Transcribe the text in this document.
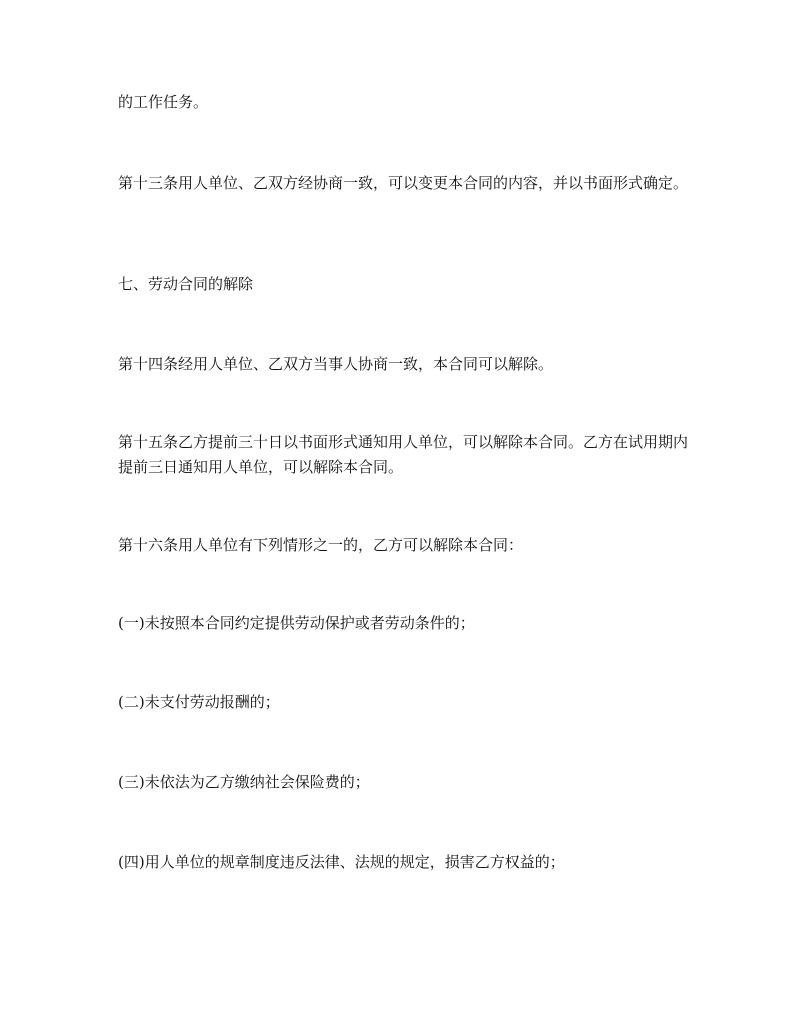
的工作任务。

第十三条用人单位、乙双方经协商一致，可以变更本合同的内容，并以书面形式确定。

七、劳动合同的解除

第十四条经用人单位、乙双方当事人协商一致，本合同可以解除。

第十五条乙方提前三十日以书面形式通知用人单位，可以解除本合同。乙方在试用期内提前三日通知用人单位，可以解除本合同。

第十六条用人单位有下列情形之一的，乙方可以解除本合同：

(一)未按照本合同约定提供劳动保护或者劳动条件的；

(二)未支付劳动报酬的；

(三)未依法为乙方缴纳社会保险费的；

(四)用人单位的规章制度违反法律、法规的规定，损害乙方权益的；
